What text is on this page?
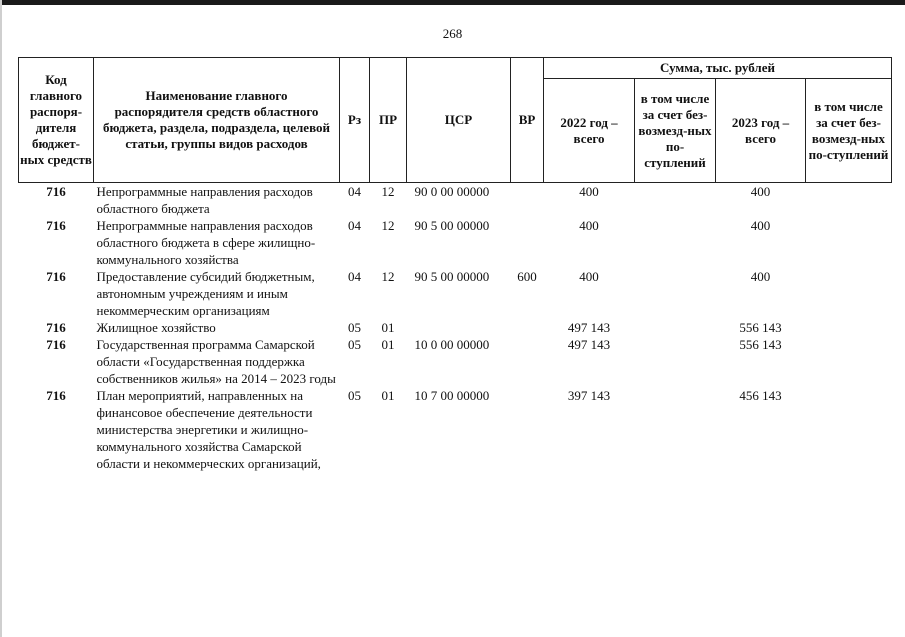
268
Код главного распоря-дителя бюджет-ных средств	Наименование главного распорядителя средств областного бюджета, раздела, подраздела, целевой статьи, группы видов расходов	Рз	ПР	ЦСР	ВР	Сумма, тыс. рублей			
						2022 год – всего	в том числе за счет без-возмезд-ных по-ступлений	2023 год – всего	в том числе за счет без-возмезд-ных по-ступлений
716	Непрограммные направления расходов областного бюджета	04	12	90 0 00 00000		400		400	
716	Непрограммные направления расходов областного бюджета в сфере жилищно-коммунального хозяйства	04	12	90 5 00 00000		400		400	
716	Предоставление субсидий бюджетным, автономным учреждениям и иным некоммерческим организациям	04	12	90 5 00 00000	600	400		400	
716	Жилищное хозяйство	05	01			497 143		556 143	
716	Государственная программа Самарской области «Государственная поддержка собственников жилья» на 2014 – 2023 годы	05	01	10 0 00 00000		497 143		556 143	
716	План мероприятий, направленных на финансовое обеспечение деятельности министерства энергетики и жилищно-коммунального хозяйства Самарской области и некоммерческих организаций,	05	01	10 7 00 00000		397 143		456 143	
